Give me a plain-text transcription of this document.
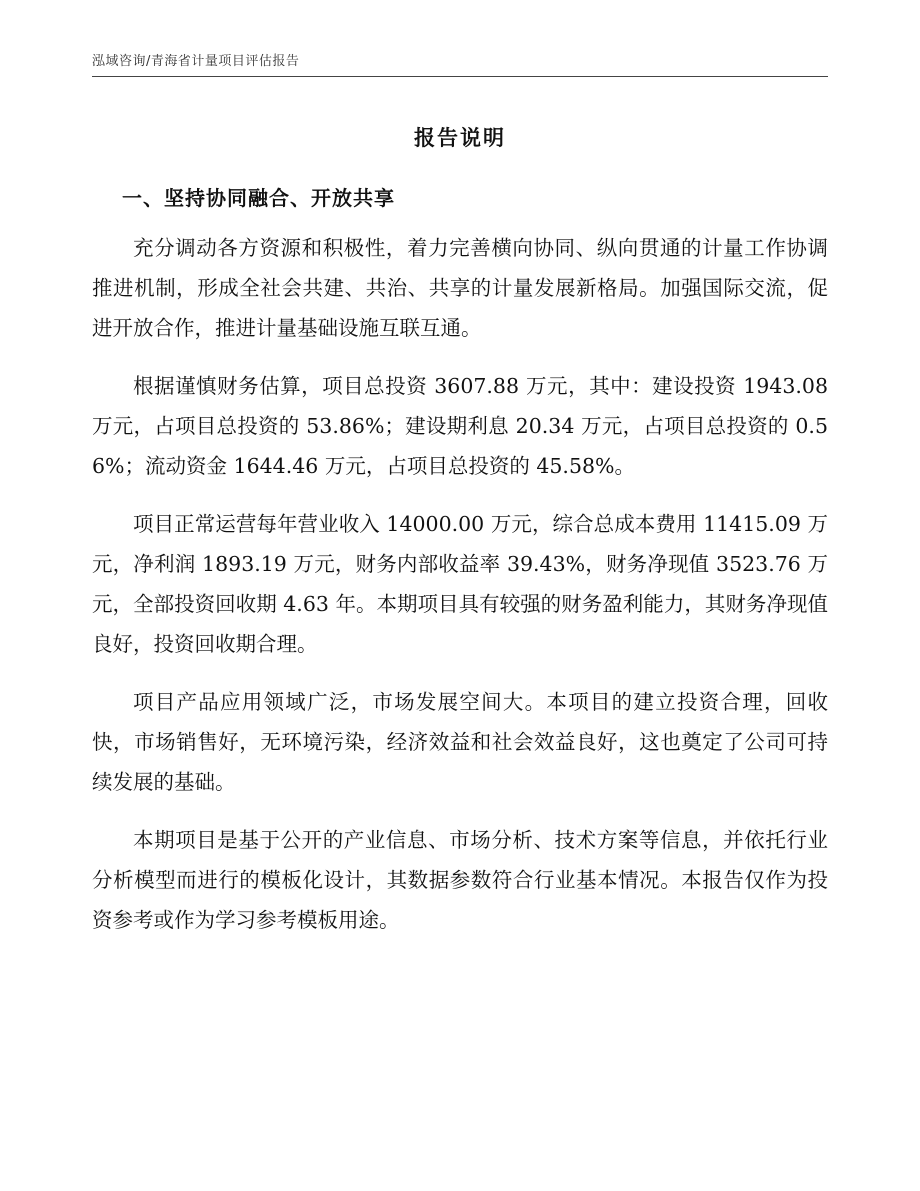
泓域咨询/青海省计量项目评估报告
报告说明
一、坚持协同融合、开放共享

充分调动各方资源和积极性，着力完善横向协同、纵向贯通的计量工作协调推进机制，形成全社会共建、共治、共享的计量发展新格局。加强国际交流，促进开放合作，推进计量基础设施互联互通。

根据谨慎财务估算，项目总投资 3607.88 万元，其中：建设投资 1943.08 万元，占项目总投资的 53.86%；建设期利息 20.34 万元，占项目总投资的 0.56%；流动资金 1644.46 万元，占项目总投资的 45.58%。

项目正常运营每年营业收入 14000.00 万元，综合总成本费用 11415.09 万元，净利润 1893.19 万元，财务内部收益率 39.43%，财务净现值 3523.76 万元，全部投资回收期 4.63 年。本期项目具有较强的财务盈利能力，其财务净现值良好，投资回收期合理。

项目产品应用领域广泛，市场发展空间大。本项目的建立投资合理，回收快，市场销售好，无环境污染，经济效益和社会效益良好，这也奠定了公司可持续发展的基础。

本期项目是基于公开的产业信息、市场分析、技术方案等信息，并依托行业分析模型而进行的模板化设计，其数据参数符合行业基本情况。本报告仅作为投资参考或作为学习参考模板用途。
